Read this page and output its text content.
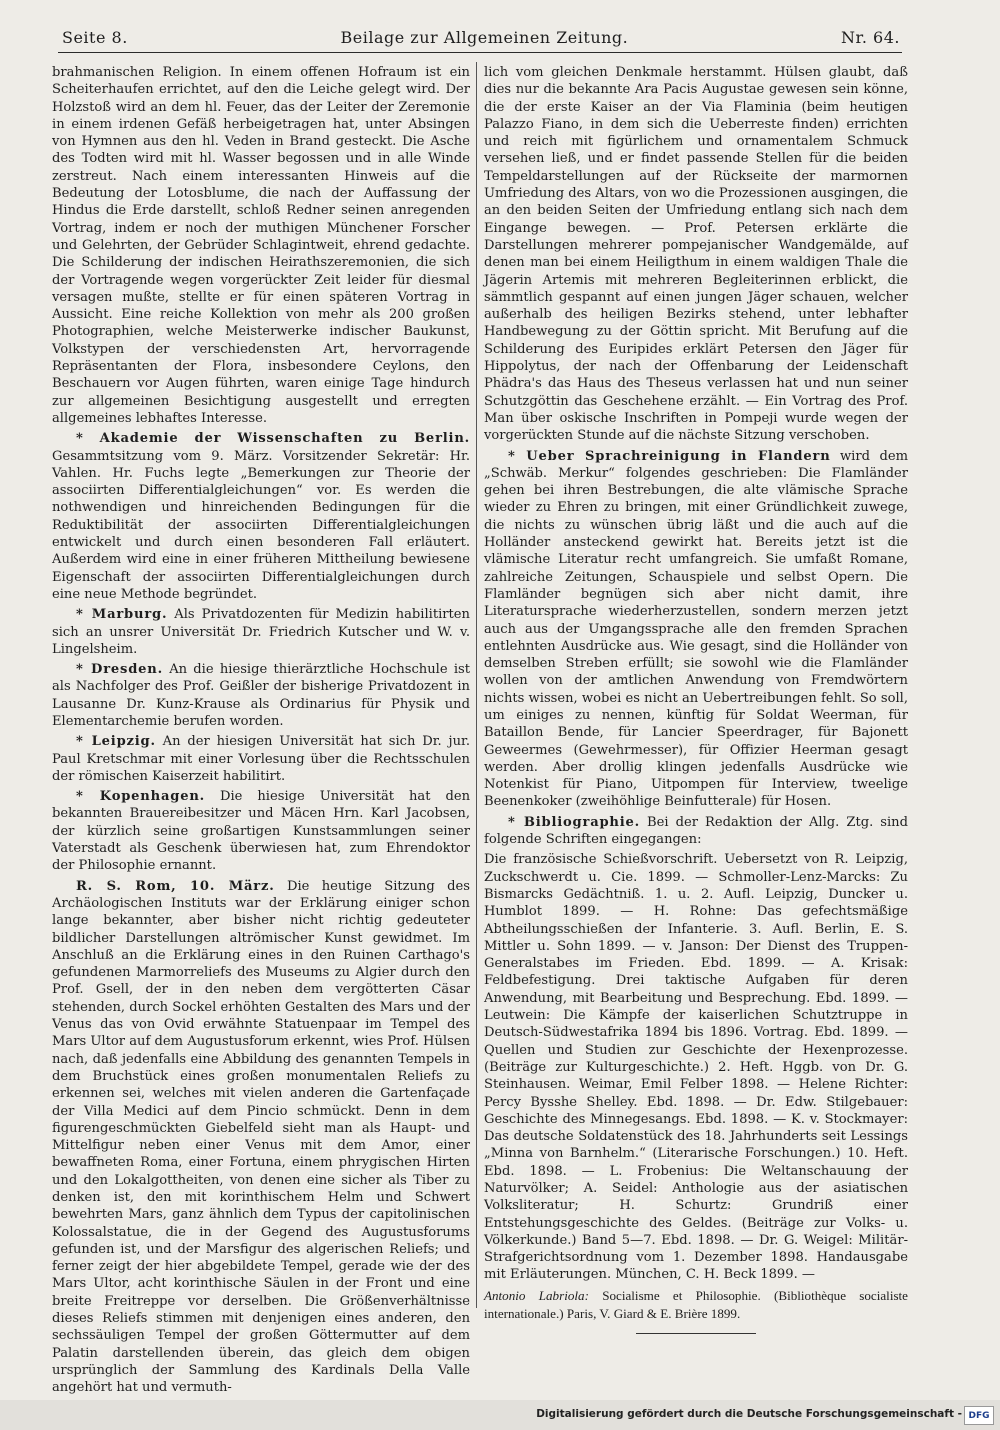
Seite 8.	Beilage zur Allgemeinen Zeitung.	Nr. 64.

brahmanischen Religion. In einem offenen Hofraum ist ein Scheiterhaufen errichtet, auf den die Leiche gelegt wird. Der Holzstoß wird an dem hl. Feuer, das der Leiter der Zeremonie in einem irdenen Gefäß herbeigetragen hat, unter Absingen von Hymnen aus den hl. Veden in Brand gesteckt. Die Asche des Todten wird mit hl. Wasser begossen und in alle Winde zerstreut. Nach einem interessanten Hinweis auf die Bedeutung der Lotosblume, die nach der Auffassung der Hindus die Erde darstellt, schloß Redner seinen anregenden Vortrag, indem er noch der muthigen Münchener Forscher und Gelehrten, der Gebrüder Schlagintweit, ehrend gedachte. Die Schilderung der indischen Heirathszeremonien, die sich der Vortragende wegen vorgerückter Zeit leider für diesmal versagen mußte, stellte er für einen späteren Vortrag in Aussicht. Eine reiche Kollektion von mehr als 200 großen Photographien, welche Meisterwerke indischer Baukunst, Volkstypen der verschiedensten Art, hervorragende Repräsentanten der Flora, insbesondere Ceylons, den Beschauern vor Augen führten, waren einige Tage hindurch zur allgemeinen Besichtigung ausgestellt und erregten allgemeines lebhaftes Interesse.

* Akademie der Wissenschaften zu Berlin. Gesammtsitzung vom 9. März. Vorsitzender Sekretär: Hr. Vahlen. Hr. Fuchs legte „Bemerkungen zur Theorie der associirten Differentialgleichungen“ vor. Es werden die nothwendigen und hinreichenden Bedingungen für die Reduktibilität der associirten Differentialgleichungen entwickelt und durch einen besonderen Fall erläutert. Außerdem wird eine in einer früheren Mittheilung bewiesene Eigenschaft der associirten Differentialgleichungen durch eine neue Methode begründet.

* Marburg. Als Privatdozenten für Medizin habilitirten sich an unsrer Universität Dr. Friedrich Kutscher und W. v. Lingelsheim.

* Dresden. An die hiesige thierärztliche Hochschule ist als Nachfolger des Prof. Geißler der bisherige Privatdozent in Lausanne Dr. Kunz-Krause als Ordinarius für Physik und Elementarchemie berufen worden.

* Leipzig. An der hiesigen Universität hat sich Dr. jur. Paul Kretschmar mit einer Vorlesung über die Rechtsschulen der römischen Kaiserzeit habilitirt.

* Kopenhagen. Die hiesige Universität hat den bekannten Brauereibesitzer und Mäcen Hrn. Karl Jacobsen, der kürzlich seine großartigen Kunstsammlungen seiner Vaterstadt als Geschenk überwiesen hat, zum Ehrendoktor der Philosophie ernannt.

R. S. Rom, 10. März. Die heutige Sitzung des Archäologischen Instituts war der Erklärung einiger schon lange bekannter, aber bisher nicht richtig gedeuteter bildlicher Darstellungen altrömischer Kunst gewidmet. Im Anschluß an die Erklärung eines in den Ruinen Carthago's gefundenen Marmorreliefs des Museums zu Algier durch den Prof. Gsell, der in den neben dem vergötterten Cäsar stehenden, durch Sockel erhöhten Gestalten des Mars und der Venus das von Ovid erwähnte Statuenpaar im Tempel des Mars Ultor auf dem Augustusforum erkennt, wies Prof. Hülsen nach, daß jedenfalls eine Abbildung des genannten Tempels in dem Bruchstück eines großen monumentalen Reliefs zu erkennen sei, welches mit vielen anderen die Gartenfaçade der Villa Medici auf dem Pincio schmückt. Denn in dem figurengeschmückten Giebelfeld sieht man als Haupt- und Mittelfigur neben einer Venus mit dem Amor, einer bewaffneten Roma, einer Fortuna, einem phrygischen Hirten und den Lokalgottheiten, von denen eine sicher als Tiber zu denken ist, den mit korinthischem Helm und Schwert bewehrten Mars, ganz ähnlich dem Typus der capitolinischen Kolossalstatue, die in der Gegend des Augustusforums gefunden ist, und der Marsfigur des algerischen Reliefs; und ferner zeigt der hier abgebildete Tempel, gerade wie der des Mars Ultor, acht korinthische Säulen in der Front und eine breite Freitreppe vor derselben. Die Größenverhältnisse dieses Reliefs stimmen mit denjenigen eines anderen, den sechssäuligen Tempel der großen Göttermutter auf dem Palatin darstellenden überein, das gleich dem obigen ursprünglich der Sammlung des Kardinals Della Valle angehört hat und vermuth-

lich vom gleichen Denkmale herstammt. Hülsen glaubt, daß dies nur die bekannte Ara Pacis Augustae gewesen sein könne, die der erste Kaiser an der Via Flaminia (beim heutigen Palazzo Fiano, in dem sich die Ueberreste finden) errichten und reich mit figürlichem und ornamentalem Schmuck versehen ließ, und er findet passende Stellen für die beiden Tempeldarstellungen auf der Rückseite der marmornen Umfriedung des Altars, von wo die Prozessionen ausgingen, die an den beiden Seiten der Umfriedung entlang sich nach dem Eingange bewegen. — Prof. Petersen erklärte die Darstellungen mehrerer pompejanischer Wandgemälde, auf denen man bei einem Heiligthum in einem waldigen Thale die Jägerin Artemis mit mehreren Begleiterinnen erblickt, die sämmtlich gespannt auf einen jungen Jäger schauen, welcher außerhalb des heiligen Bezirks stehend, unter lebhafter Handbewegung zu der Göttin spricht. Mit Berufung auf die Schilderung des Euripides erklärt Petersen den Jäger für Hippolytus, der nach der Offenbarung der Leidenschaft Phädra's das Haus des Theseus verlassen hat und nun seiner Schutzgöttin das Geschehene erzählt. — Ein Vortrag des Prof. Man über oskische Inschriften in Pompeji wurde wegen der vorgerückten Stunde auf die nächste Sitzung verschoben.

* Ueber Sprachreinigung in Flandern wird dem „Schwäb. Merkur“ folgendes geschrieben: Die Flamländer gehen bei ihren Bestrebungen, die alte vlämische Sprache wieder zu Ehren zu bringen, mit einer Gründlichkeit zuwege, die nichts zu wünschen übrig läßt und die auch auf die Holländer ansteckend gewirkt hat. Bereits jetzt ist die vlämische Literatur recht umfangreich. Sie umfaßt Romane, zahlreiche Zeitungen, Schauspiele und selbst Opern. Die Flamländer begnügen sich aber nicht damit, ihre Literatursprache wiederherzustellen, sondern merzen jetzt auch aus der Umgangssprache alle den fremden Sprachen entlehnten Ausdrücke aus. Wie gesagt, sind die Holländer von demselben Streben erfüllt; sie sowohl wie die Flamländer wollen von der amtlichen Anwendung von Fremdwörtern nichts wissen, wobei es nicht an Uebertreibungen fehlt. So soll, um einiges zu nennen, künftig für Soldat Weerman, für Bataillon Bende, für Lancier Speerdrager, für Bajonett Geweermes (Gewehrmesser), für Offizier Heerman gesagt werden. Aber drollig klingen jedenfalls Ausdrücke wie Notenkist für Piano, Uitpompen für Interview, tweelige Beenenkoker (zweihöhlige Beinfutterale) für Hosen.

* Bibliographie. Bei der Redaktion der Allg. Ztg. sind folgende Schriften eingegangen:

Die französische Schießvorschrift. Uebersetzt von R. Leipzig, Zuckschwerdt u. Cie. 1899. — Schmoller-Lenz-Marcks: Zu Bismarcks Gedächtniß. 1. u. 2. Aufl. Leipzig, Duncker u. Humblot 1899. — H. Rohne: Das gefechtsmäßige Abtheilungsschießen der Infanterie. 3. Aufl. Berlin, E. S. Mittler u. Sohn 1899. — v. Janson: Der Dienst des Truppen-Generalstabes im Frieden. Ebd. 1899. — A. Krisak: Feldbefestigung. Drei taktische Aufgaben für deren Anwendung, mit Bearbeitung und Besprechung. Ebd. 1899. — Leutwein: Die Kämpfe der kaiserlichen Schutztruppe in Deutsch-Südwestafrika 1894 bis 1896. Vortrag. Ebd. 1899. — Quellen und Studien zur Geschichte der Hexenprozesse. (Beiträge zur Kulturgeschichte.) 2. Heft. Hggb. von Dr. G. Steinhausen. Weimar, Emil Felber 1898. — Helene Richter: Percy Bysshe Shelley. Ebd. 1898. — Dr. Edw. Stilgebauer: Geschichte des Minnegesangs. Ebd. 1898. — K. v. Stockmayer: Das deutsche Soldatenstück des 18. Jahrhunderts seit Lessings „Minna von Barnhelm.“ (Literarische Forschungen.) 10. Heft. Ebd. 1898. — L. Frobenius: Die Weltanschauung der Naturvölker; A. Seidel: Anthologie aus der asiatischen Volksliteratur; H. Schurtz: Grundriß einer Entstehungsgeschichte des Geldes. (Beiträge zur Volks- u. Völkerkunde.) Band 5—7. Ebd. 1898. — Dr. G. Weigel: Militär-Strafgerichtsordnung vom 1. Dezember 1898. Handausgabe mit Erläuterungen. München, C. H. Beck 1899. —

Antonio Labriola: Socialisme et Philosophie. (Bibliothèque socialiste internationale.) Paris, V. Giard & E. Brière 1899.

Digitalisierung gefördert durch die Deutsche Forschungsgemeinschaft - DFG
